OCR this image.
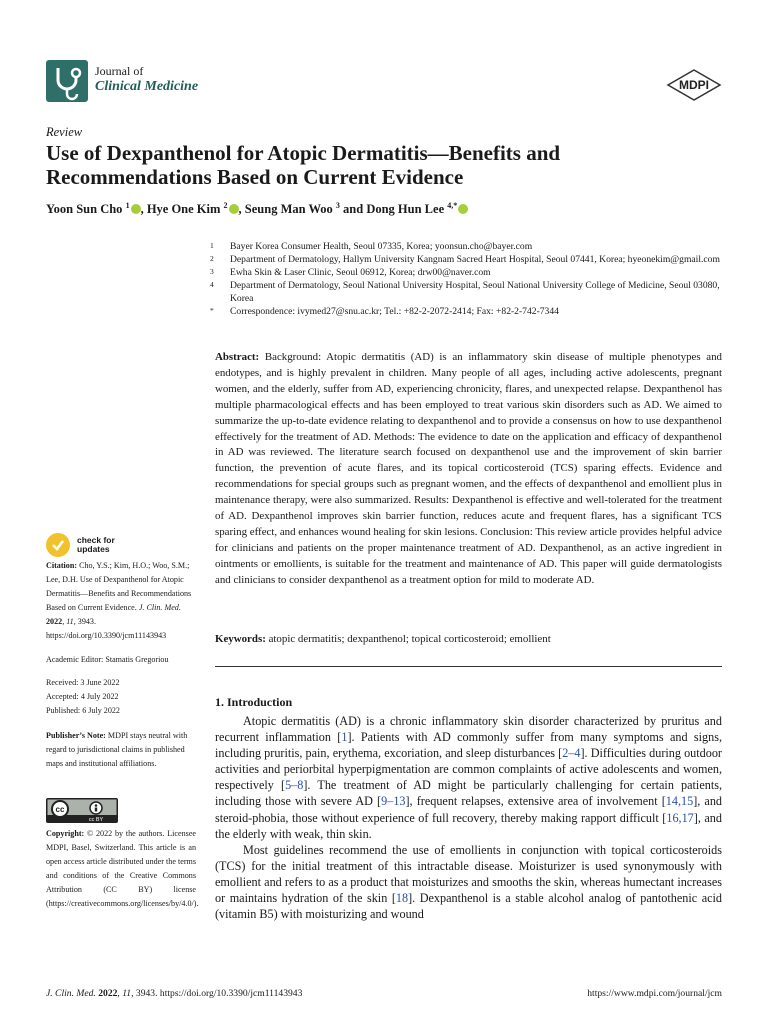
Journal of
Clinical Medicine	MDPI
Review
Use of Dexpanthenol for Atopic Dermatitis—Benefits and Recommendations Based on Current Evidence
Yoon Sun Cho $^1$ , Hye One Kim $^2$ , Seung Man Woo $^3$ and Dong Hun Lee $^{4,*}$
1 Bayer Korea Consumer Health, Seoul 07335, Korea; yoonsun.cho@bayer.com
2 Department of Dermatology, Hallym University Kangnam Sacred Heart Hospital, Seoul 07441, Korea; hyeonekim@gmail.com
3 Ewha Skin & Laser Clinic, Seoul 06912, Korea; drw00@naver.com
4 Department of Dermatology, Seoul National University Hospital, Seoul National University College of Medicine, Seoul 03080, Korea
* Correspondence: ivymed27@snu.ac.kr; Tel.: +82-2-2072-2414; Fax: +82-2-742-7344
Abstract: Background: Atopic dermatitis (AD) is an inflammatory skin disease of multiple phenotypes and endotypes, and is highly prevalent in children. Many people of all ages, including active adolescents, pregnant women, and the elderly, suffer from AD, experiencing chronicity, flares, and unexpected relapse. Dexpanthenol has multiple pharmacological effects and has been employed to treat various skin disorders such as AD. We aimed to summarize the up-to-date evidence relating to dexpanthenol and to provide a consensus on how to use dexpanthenol effectively for the treatment of AD. Methods: The evidence to date on the application and efficacy of dexpanthenol in AD was reviewed. The literature search focused on dexpanthenol use and the improvement of skin barrier function, the prevention of acute flares, and its topical corticosteroid (TCS) sparing effects. Evidence and recommendations for special groups such as pregnant women, and the effects of dexpanthenol and emollient plus in maintenance therapy, were also summarized. Results: Dexpanthenol is effective and well-tolerated for the treatment of AD. Dexpanthenol improves skin barrier function, reduces acute and frequent flares, has a significant TCS sparing effect, and enhances wound healing for skin lesions. Conclusion: This review article provides helpful advice for clinicians and patients on the proper maintenance treatment of AD. Dexpanthenol, as an active ingredient in ointments or emollients, is suitable for the treatment and maintenance of AD. This paper will guide dermatologists and clinicians to consider dexpanthenol as a treatment option for mild to moderate AD.
Keywords: atopic dermatitis; dexpanthenol; topical corticosteroid; emollient
check for
updates
Citation: Cho, Y.S.; Kim, H.O.; Woo, S.M.; Lee, D.H. Use of Dexpanthenol for Atopic Dermatitis—Benefits and Recommendations Based on Current Evidence. J. Clin. Med. 2022, 11, 3943. https://doi.org/10.3390/jcm11143943
Academic Editor: Stamatis Gregoriou
Received: 3 June 2022
Accepted: 4 July 2022
Published: 6 July 2022
Publisher’s Note: MDPI stays neutral with regard to jurisdictional claims in published maps and institutional affiliations.
cc
cc BY
Copyright: © 2022 by the authors. Licensee MDPI, Basel, Switzerland. This article is an open access article distributed under the terms and conditions of the Creative Commons Attribution (CC BY) license (https://creativecommons.org/licenses/by/4.0/).
1. Introduction

Atopic dermatitis (AD) is a chronic inflammatory skin disorder characterized by pruritus and recurrent inflammation [1]. Patients with AD commonly suffer from many symptoms and signs, including pruritis, pain, erythema, excoriation, and sleep disturbances [2–4]. Difficulties during outdoor activities and periorbital hyperpigmentation are common complaints of active adolescents and women, respectively [5–8]. The treatment of AD might be particularly challenging for certain patients, including those with severe AD [9–13], frequent relapses, extensive area of involvement [14,15], and steroid-phobia, those without experience of full recovery, thereby making rapport difficult [16,17], and the elderly with weak, thin skin.

Most guidelines recommend the use of emollients in conjunction with topical corticosteroids (TCS) for the initial treatment of this intractable disease. Moisturizer is used synonymously with emollient and refers to as a product that moisturizes and smooths the skin, whereas humectant increases or maintains hydration of the skin [18]. Dexpanthenol is a stable alcohol analog of pantothenic acid (vitamin B5) with moisturizing and wound

J. Clin. Med. 2022, 11, 3943. https://doi.org/10.3390/jcm11143943	https://www.mdpi.com/journal/jcm
